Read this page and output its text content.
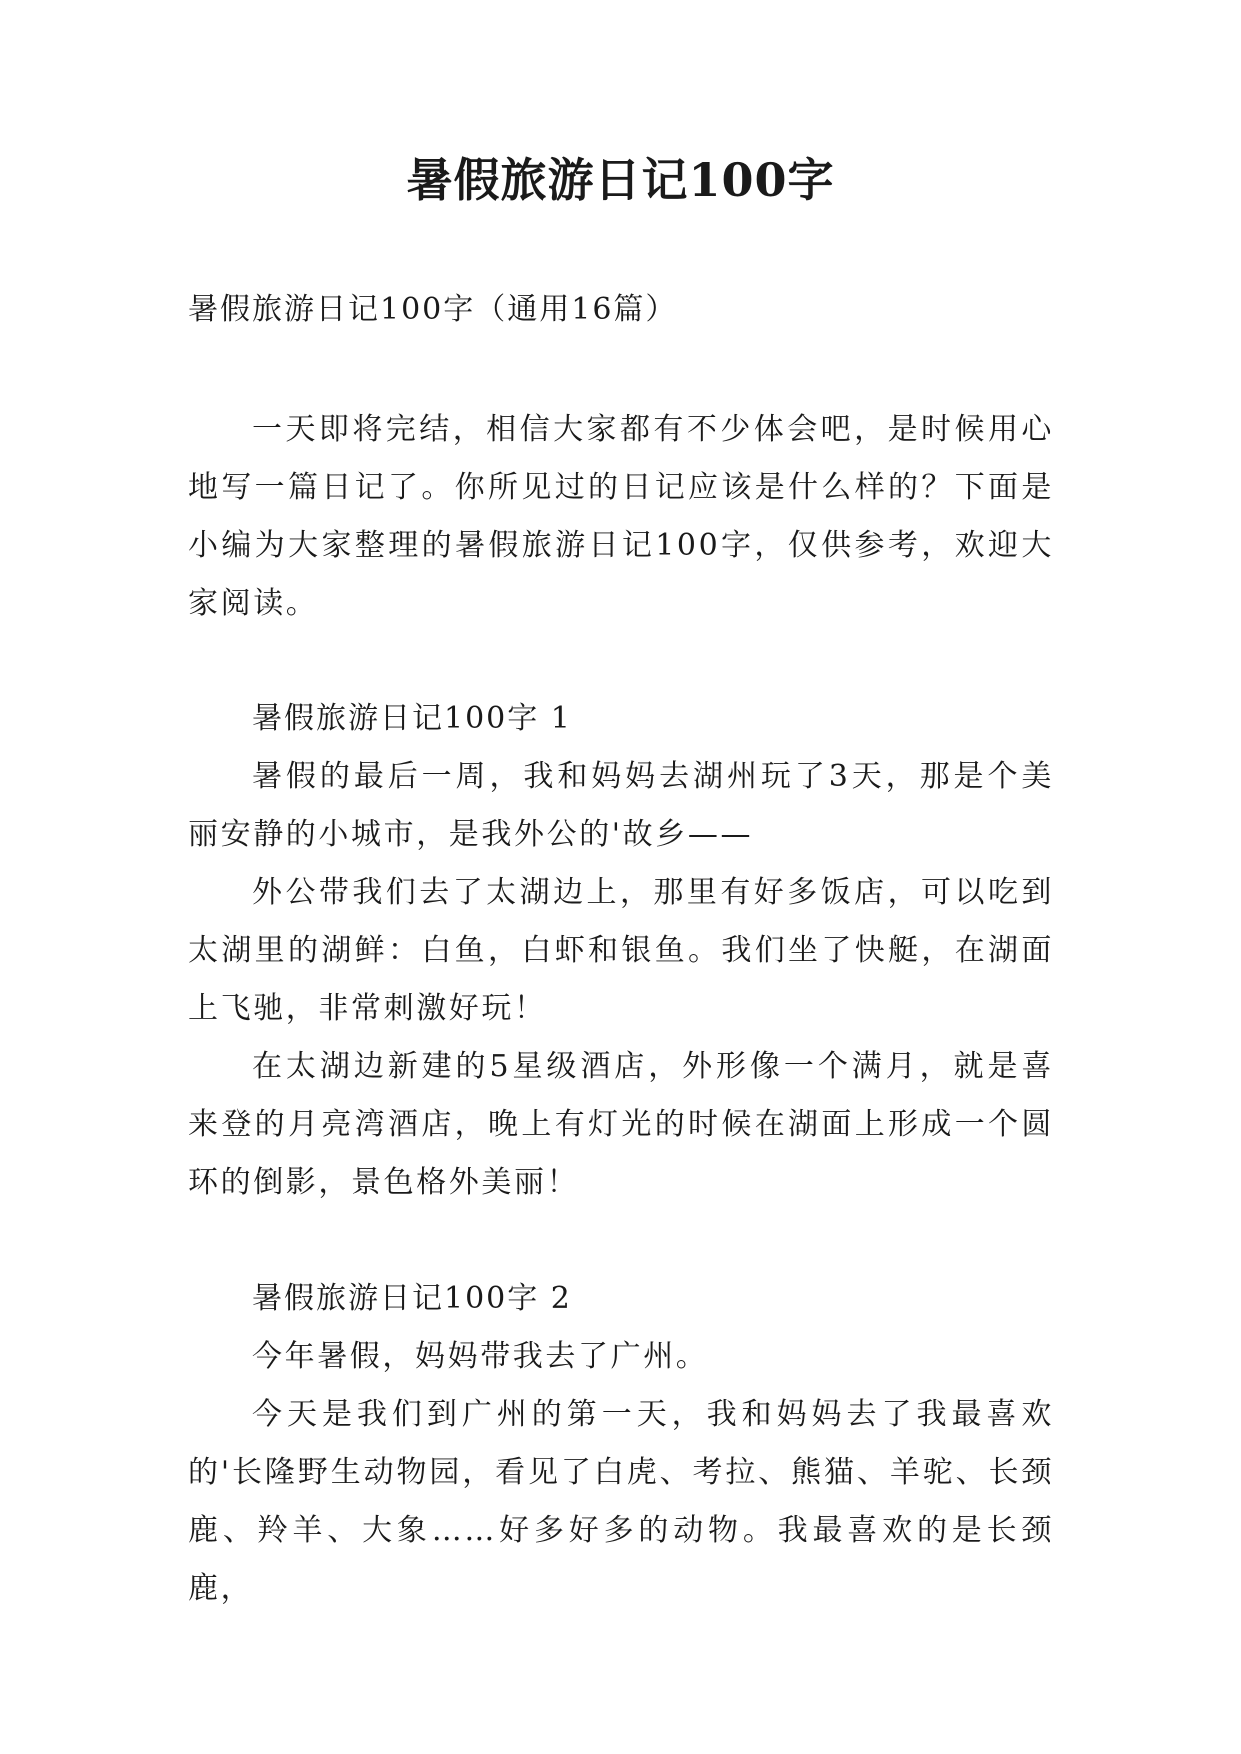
暑假旅游日记100字
暑假旅游日记100字（通用16篇）

一天即将完结，相信大家都有不少体会吧，是时候用心地写一篇日记了。你所见过的日记应该是什么样的？下面是小编为大家整理的暑假旅游日记100字，仅供参考，欢迎大家阅读。

暑假旅游日记100字 1

暑假的最后一周，我和妈妈去湖州玩了3天，那是个美丽安静的小城市，是我外公的'故乡——

外公带我们去了太湖边上，那里有好多饭店，可以吃到太湖里的湖鲜：白鱼，白虾和银鱼。我们坐了快艇，在湖面上飞驰，非常刺激好玩！

在太湖边新建的5星级酒店，外形像一个满月，就是喜来登的月亮湾酒店，晚上有灯光的时候在湖面上形成一个圆环的倒影，景色格外美丽！

暑假旅游日记100字 2

今年暑假，妈妈带我去了广州。

今天是我们到广州的第一天，我和妈妈去了我最喜欢的'长隆野生动物园，看见了白虎、考拉、熊猫、羊驼、长颈鹿、羚羊、大象……好多好多的动物。我最喜欢的是长颈鹿，
